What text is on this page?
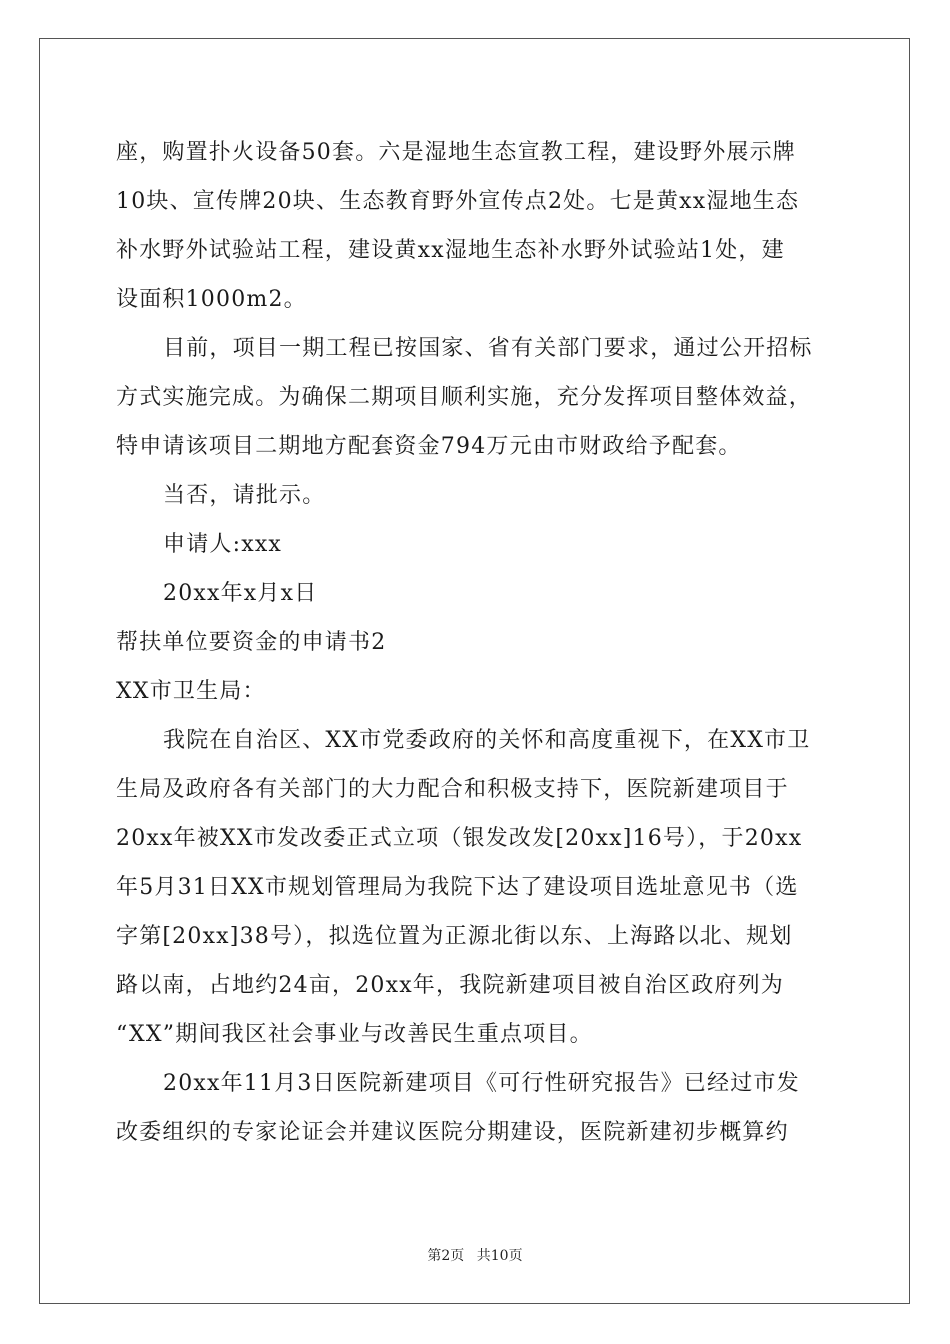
座，购置扑火设备50套。六是湿地生态宣教工程，建设野外展示牌
10块、宣传牌20块、生态教育野外宣传点2处。七是黄xx湿地生态
补水野外试验站工程，建设黄xx湿地生态补水野外试验站1处，建
设面积1000m2。
目前，项目一期工程已按国家、省有关部门要求，通过公开招标
方式实施完成。为确保二期项目顺利实施，充分发挥项目整体效益，
特申请该项目二期地方配套资金794万元由市财政给予配套。
当否，请批示。
申请人:xxx
20xx年x月x日
帮扶单位要资金的申请书2
XX市卫生局：
我院在自治区、XX市党委政府的关怀和高度重视下，在XX市卫
生局及政府各有关部门的大力配合和积极支持下，医院新建项目于
20xx年被XX市发改委正式立项（银发改发[20xx]16号），于20xx
年5月31日XX市规划管理局为我院下达了建设项目选址意见书（选
字第[20xx]38号），拟选位置为正源北街以东、上海路以北、规划
路以南，占地约24亩，20xx年，我院新建项目被自治区政府列为
“XX”期间我区社会事业与改善民生重点项目。
20xx年11月3日医院新建项目《可行性研究报告》已经过市发
改委组织的专家论证会并建议医院分期建设，医院新建初步概算约
第2页 共10页
